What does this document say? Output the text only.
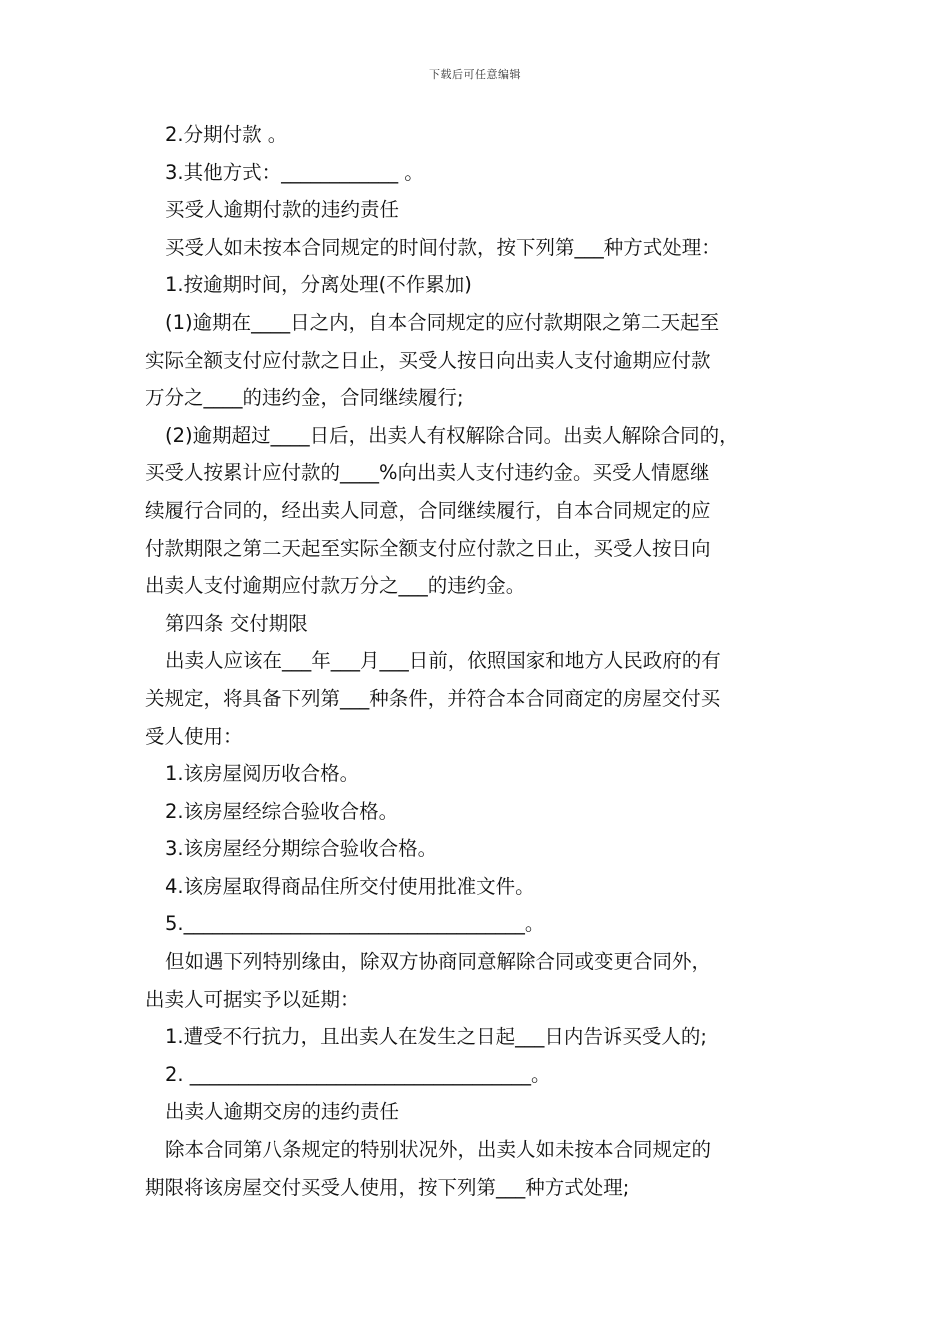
下载后可任意编辑

2.分期付款 。

3.其他方式：____________ 。

买受人逾期付款的违约责任

买受人如未按本合同规定的时间付款，按下列第___种方式处理：

1.按逾期时间，分离处理(不作累加)

(1)逾期在____日之内，自本合同规定的应付款期限之第二天起至

实际全额支付应付款之日止，买受人按日向出卖人支付逾期应付款

万分之____的违约金，合同继续履行;

(2)逾期超过____日后，出卖人有权解除合同。出卖人解除合同的，

买受人按累计应付款的____%向出卖人支付违约金。买受人情愿继

续履行合同的，经出卖人同意，合同继续履行，自本合同规定的应

付款期限之第二天起至实际全额支付应付款之日止，买受人按日向

出卖人支付逾期应付款万分之___的违约金。

第四条 交付期限

出卖人应该在___年___月___日前，依照国家和地方人民政府的有

关规定，将具备下列第___种条件，并符合本合同商定的房屋交付买

受人使用：

1.该房屋阅历收合格。

2.该房屋经综合验收合格。

3.该房屋经分期综合验收合格。

4.该房屋取得商品住所交付使用批准文件。

5.___________________________________。

但如遇下列特别缘由，除双方协商同意解除合同或变更合同外，

出卖人可据实予以延期：

1.遭受不行抗力，且出卖人在发生之日起___日内告诉买受人的;

2. ___________________________________。

出卖人逾期交房的违约责任

除本合同第八条规定的特别状况外，出卖人如未按本合同规定的

期限将该房屋交付买受人使用，按下列第___种方式处理;
